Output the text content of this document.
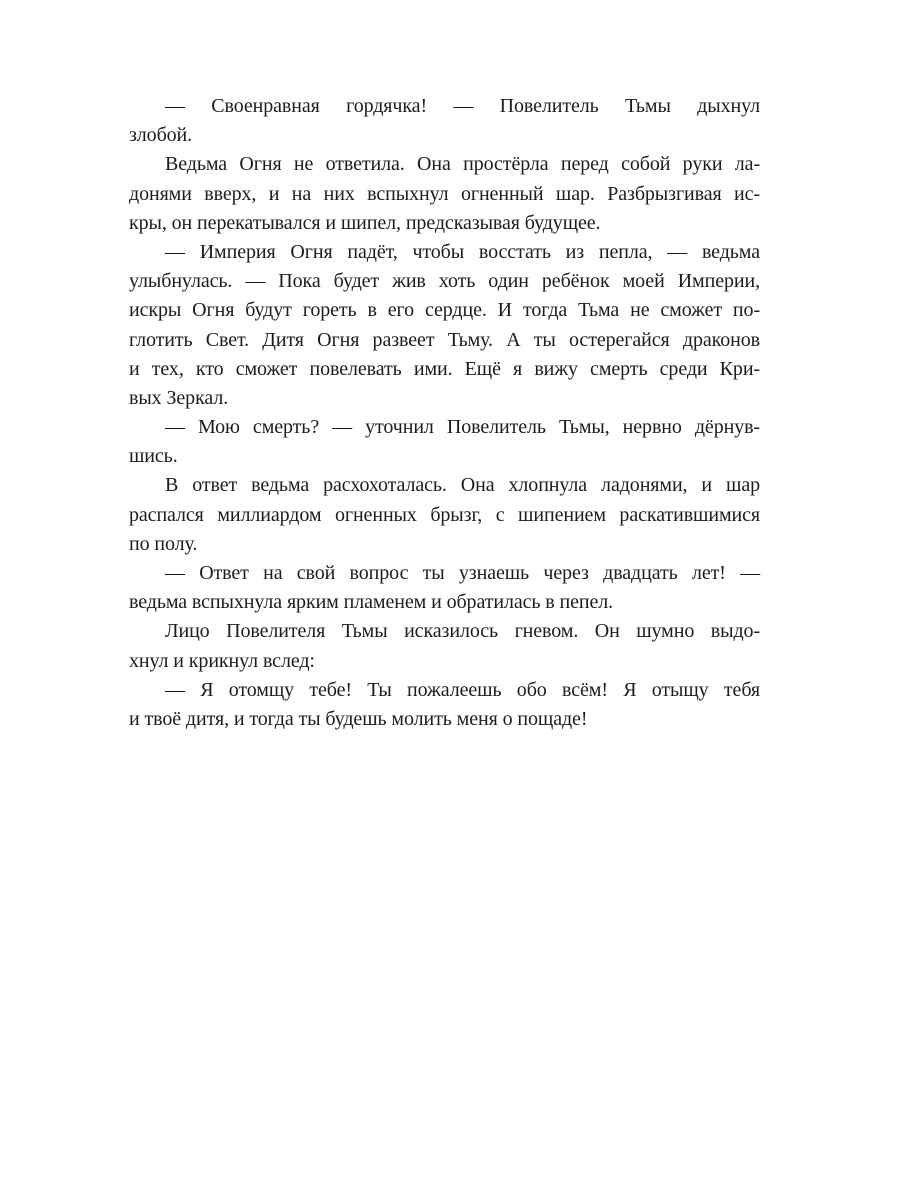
— Своенравная гордячка! — Повелитель Тьмы дыхнул
злобой.
Ведьма Огня не ответила. Она простёрла перед собой руки ла-
донями вверх, и на них вспыхнул огненный шар. Разбрызгивая ис-
кры, он перекатывался и шипел, предсказывая будущее.
— Империя Огня падёт, чтобы восстать из пепла, — ведьма
улыбнулась. — Пока будет жив хоть один ребёнок моей Империи,
искры Огня будут гореть в его сердце. И тогда Тьма не сможет по-
глотить Свет. Дитя Огня развеет Тьму. А ты остерегайся драконов
и тех, кто сможет повелевать ими. Ещё я вижу смерть среди Кри-
вых Зеркал.
— Мою смерть? — уточнил Повелитель Тьмы, нервно дёрнув-
шись.
В ответ ведьма расхохоталась. Она хлопнула ладонями, и шар
распался миллиардом огненных брызг, с шипением раскатившимися
по полу.
— Ответ на свой вопрос ты узнаешь через двадцать лет! —
ведьма вспыхнула ярким пламенем и обратилась в пепел.
Лицо Повелителя Тьмы исказилось гневом. Он шумно выдо-
хнул и крикнул вслед:
— Я отомщу тебе! Ты пожалеешь обо всём! Я отыщу тебя
и твоё дитя, и тогда ты будешь молить меня о пощаде!
